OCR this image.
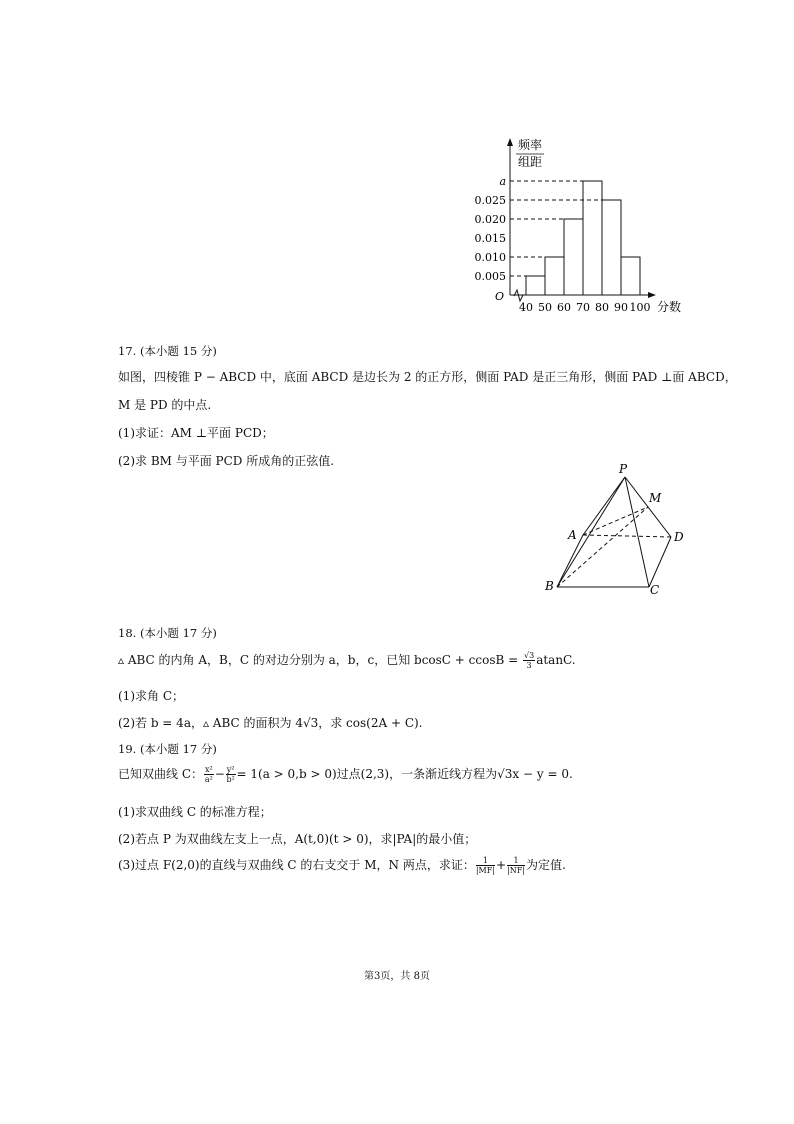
频率
组距
O
分数
0.005
0.010
0.015
0.020
0.025
a
40 50 60 70 80 90 100
17. (本小题 15 分)
如图，四棱锥 P − ABCD 中，底面 ABCD 是边长为 2 的正方形，侧面 PAD 是正三角形，侧面 PAD ⊥面 ABCD，
M 是 PD 的中点.
(1)求证：AM ⊥平面 PCD；
(2)求 BM 与平面 PCD 所成角的正弦值.
P
M
A	D
B	C
18. (本小题 17 分)
▵ ABC 的内角 A，B，C 的对边分别为 a，b，c，已知 $bcosC + ccosB = \frac{√3}{3} atanC$.
(1)求角 C；
(2)若 b = 4a，▵ ABC 的面积为 4√3，求 cos(2A + C).
19. (本小题 17 分)
已知双曲线 C： $\frac{\text{x²}}{\text{a²}} - \frac{\text{y²}}{\text{b²}} = 1(a > 0,b > 0)$过点(2,3)，一条渐近线方程为√3x − y = 0.
(1)求双曲线 C 的标准方程；
(2)若点 P 为双曲线左支上一点，A(t,0)(t > 0)，求|PA|的最小值；
(3)过点 F(2,0)的直线与双曲线 C 的右支交于 M，N 两点，求证： $\frac{1}{|MF|} + \frac{1}{|NF|}$ 为定值.
第3页，共 8页
